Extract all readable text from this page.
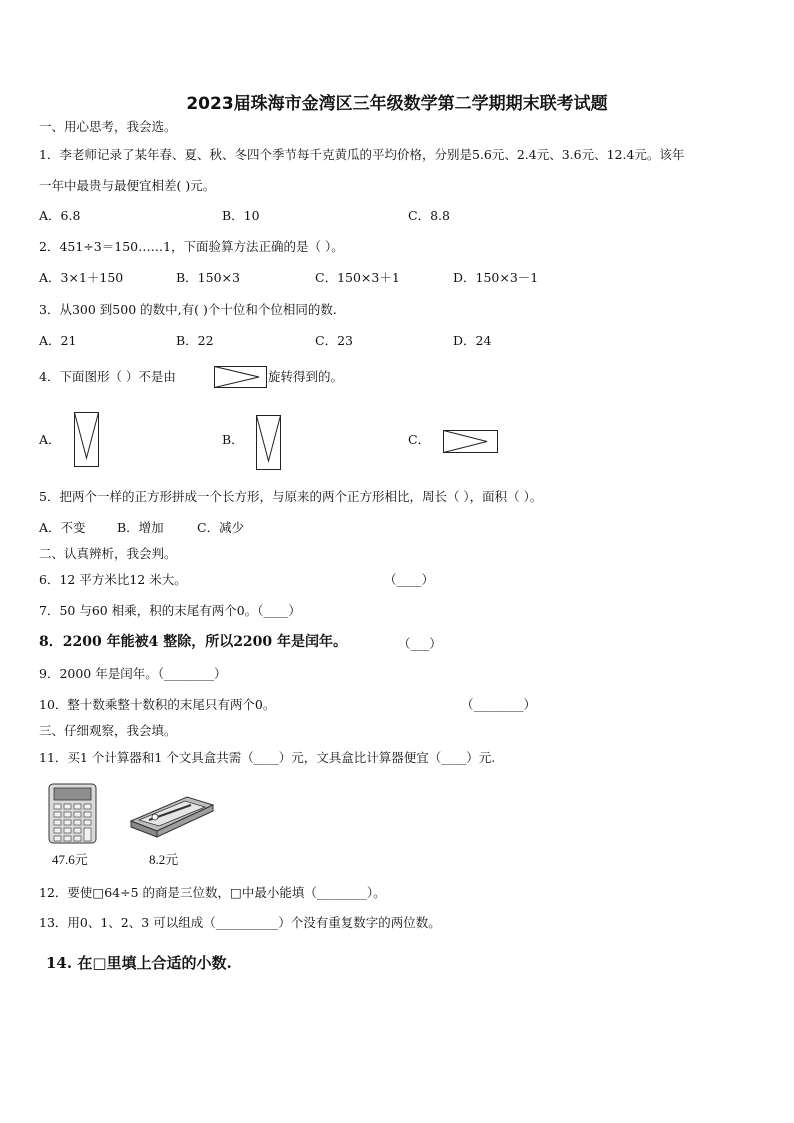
2023届珠海市金湾区三年级数学第二学期期末联考试题
一、用心思考，我会选。
1．李老师记录了某年春、夏、秋、冬四个季节每千克黄瓜的平均价格，分别是5.6元、2.4元、3.6元、12.4元。该年
一年中最贵与最便宜相差( )元。
A．6.8	B．10	C．8.8
2．451÷3＝150……1，下面验算方法正确的是（ ）。
A．3×1＋150	B．150×3	C．150×3＋1	D．150×3－1
3．从300 到500 的数中,有( )个十位和个位相同的数.
A．21	B．22	C．23	D．24
4．下面图形（ ）不是由	旋转得到的。
A．	B．	C．
5．把两个一样的正方形拼成一个长方形，与原来的两个正方形相比，周长（ ），面积（ ）。
A．不变	B．增加	C．减少
二、认真辨析，我会判。
6．12 平方米比12 米大。	（____）
7．50 与60 相乘，积的末尾有两个0。（____）
8．2200 年能被4 整除，所以2200 年是闰年。	（___）
9．2000 年是闰年。（________）
10．整十数乘整十数积的末尾只有两个0。	（________）
三、仔细观察，我会填。
11．买1 个计算器和1 个文具盒共需（____）元，文具盒比计算器便宜（____）元.
47.6元	8.2元
12．要使□64÷5 的商是三位数，□中最小能填（________）。
13．用0、1、2、3 可以组成（__________）个没有重复数字的两位数。
14. 在□里填上合适的小数.
